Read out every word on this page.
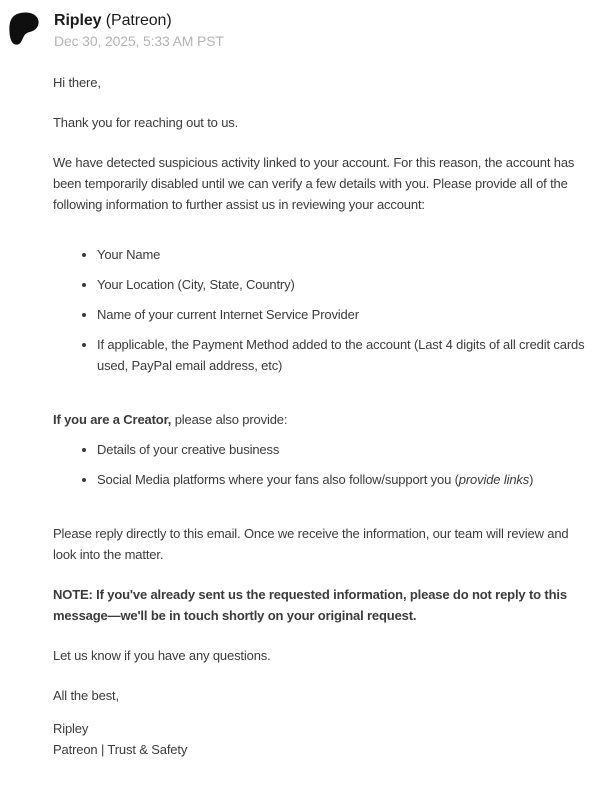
Ripley (Patreon)
Dec 30, 2025, 5:33 AM PST

Hi there,

Thank you for reaching out to us.

We have detected suspicious activity linked to your account. For this reason, the account has been temporarily disabled until we can verify a few details with you. Please provide all of the following information to further assist us in reviewing your account:

• Your Name
• Your Location (City, State, Country)
• Name of your current Internet Service Provider
• If applicable, the Payment Method added to the account (Last 4 digits of all credit cards used, PayPal email address, etc)

If you are a Creator, please also provide:

• Details of your creative business
• Social Media platforms where your fans also follow/support you (provide links)

Please reply directly to this email. Once we receive the information, our team will review and look into the matter.

NOTE: If you've already sent us the requested information, please do not reply to this message—we'll be in touch shortly on your original request.

Let us know if you have any questions.

All the best,

Ripley
Patreon | Trust & Safety
